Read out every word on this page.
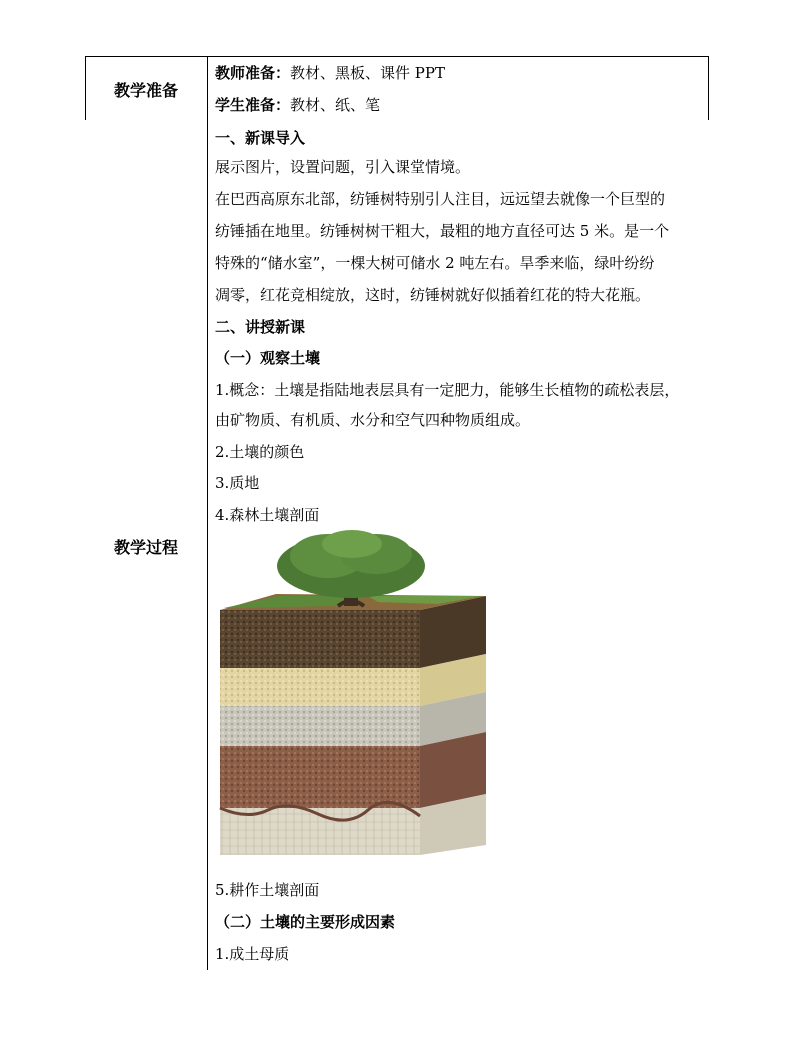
教学准备
教学过程
教师准备：教材、黑板、课件 PPT
学生准备：教材、纸、笔
一、新课导入
展示图片，设置问题，引入课堂情境。
在巴西高原东北部，纺锤树特别引人注目，远远望去就像一个巨型的
纺锤插在地里。纺锤树树干粗大，最粗的地方直径可达 5 米。是一个
特殊的“储水室”，一棵大树可储水 2 吨左右。旱季来临，绿叶纷纷
凋零，红花竞相绽放，这时，纺锤树就好似插着红花的特大花瓶。
二、讲授新课
（一）观察土壤
1.概念：土壤是指陆地表层具有一定肥力，能够生长植物的疏松表层，
由矿物质、有机质、水分和空气四种物质组成。
2.土壤的颜色
3.质地
4.森林土壤剖面
5.耕作土壤剖面
（二）土壤的主要形成因素
1.成土母质
